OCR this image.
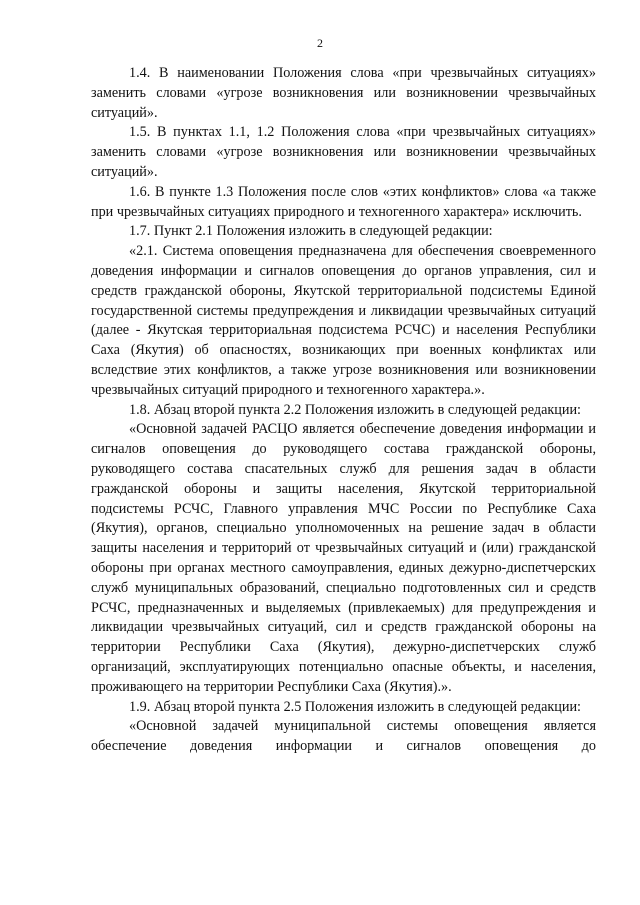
2

1.4. В наименовании Положения слова «при чрезвычайных ситуациях» заменить словами «угрозе возникновения или возникновении чрезвычайных ситуаций».

1.5. В пунктах 1.1, 1.2 Положения слова «при чрезвычайных ситуациях» заменить словами «угрозе возникновения или возникновении чрезвычайных ситуаций».

1.6. В пункте 1.3 Положения после слов «этих конфликтов» слова «а также при чрезвычайных ситуациях природного и техногенного характера» исключить.

1.7. Пункт 2.1 Положения изложить в следующей редакции:

«2.1. Система оповещения предназначена для обеспечения своевременного доведения информации и сигналов оповещения до органов управления, сил и средств гражданской обороны, Якутской территориальной подсистемы Единой государственной системы предупреждения и ликвидации чрезвычайных ситуаций (далее - Якутская территориальная подсистема РСЧС) и населения Республики Саха (Якутия) об опасностях, возникающих при военных конфликтах или вследствие этих конфликтов, а также угрозе возникновения или возникновении чрезвычайных ситуаций природного и техногенного характера.».

1.8. Абзац второй пункта 2.2 Положения изложить в следующей редакции:

«Основной задачей РАСЦО является обеспечение доведения информации и сигналов оповещения до руководящего состава гражданской обороны, руководящего состава спасательных служб для решения задач в области гражданской обороны и защиты населения, Якутской территориальной подсистемы РСЧС, Главного управления МЧС России по Республике Саха (Якутия), органов, специально уполномоченных на решение задач в области защиты населения и территорий от чрезвычайных ситуаций и (или) гражданской обороны при органах местного самоуправления, единых дежурно-диспетчерских служб муниципальных образований, специально подготовленных сил и средств РСЧС, предназначенных и выделяемых (привлекаемых) для предупреждения и ликвидации чрезвычайных ситуаций, сил и средств гражданской обороны на территории Республики Саха (Якутия), дежурно-диспетчерских служб организаций, эксплуатирующих потенциально опасные объекты, и населения, проживающего на территории Республики Саха (Якутия).».

1.9. Абзац второй пункта 2.5 Положения изложить в следующей редакции:

«Основной задачей муниципальной системы оповещения является обеспечение доведения информации и сигналов оповещения до
